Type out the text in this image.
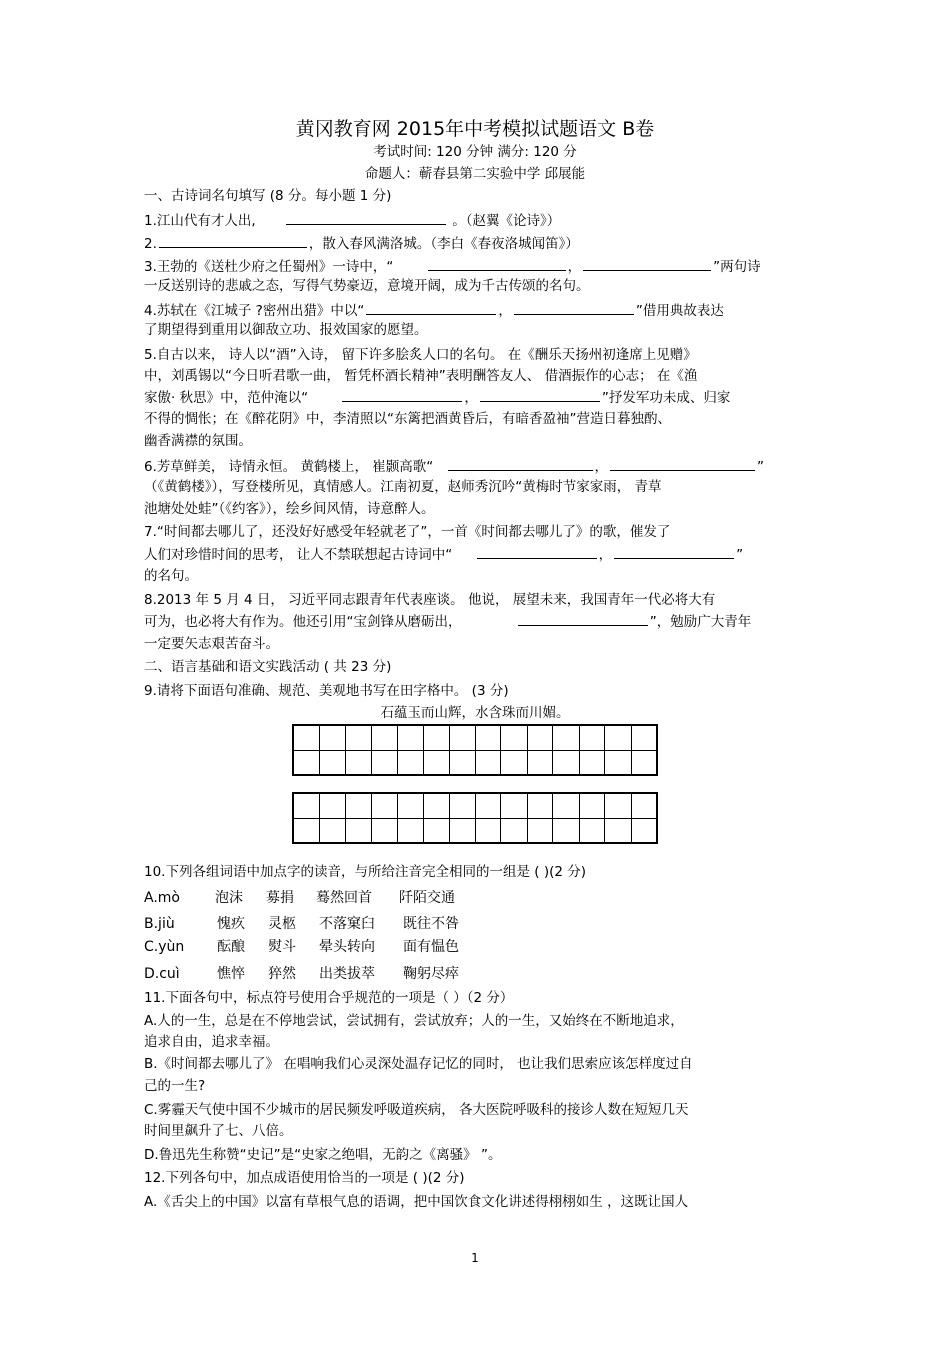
黄冈教育网 2015年中考模拟试题语文 B卷
考试时间: 120 分钟 满分: 120 分
命题人：蕲春县第二实验中学 邱展能
一、古诗词名句填写 (8 分。每小题 1 分)
1.江山代有才人出,	。（赵翼《论诗》）
2.	，散入春风满洛城。（李白《春夜洛城闻笛》）
3.王勃的《送杜少府之任蜀州》一诗中，“	，	”两句诗
一反送别诗的悲戚之态，写得气势豪迈，意境开阔，成为千古传颂的名句。
4.苏轼在《江城子 ?密州出猎》中以“	，	”借用典故表达
了期望得到重用以御敌立功、报效国家的愿望。
5.自古以来， 诗人以“酒”入诗， 留下许多脍炙人口的名句。 在《酬乐天扬州初逢席上见赠》
中，刘禹锡以“今日听君歌一曲， 暂凭杯酒长精神”表明酬答友人、 借酒振作的心志； 在《渔
家傲· 秋思》中，范仲淹以“	，	”抒发军功未成、归家
不得的惆怅；在《醉花阴》中，李清照以“东篱把酒黄昏后，有暗香盈袖”营造日暮独酌、
幽香满襟的氛围。
6.芳草鲜美， 诗情永恒。 黄鹤楼上， 崔颢高歌“	，	”
（《黄鹤楼》），写登楼所见，真情感人。江南初夏，赵师秀沉吟“黄梅时节家家雨， 青草
池塘处处蛙”（《约客》），绘乡间风情，诗意醉人。
7.“时间都去哪儿了，还没好好感受年轻就老了”，一首《时间都去哪儿了》的歌，催发了
人们对珍惜时间的思考， 让人不禁联想起古诗词中“	，	”
的名句。
8.2013 年 5 月 4 日， 习近平同志跟青年代表座谈。 他说， 展望未来，我国青年一代必将大有
可为，也必将大有作为。他还引用“宝剑锋从磨砺出，	”，勉励广大青年
一定要矢志艰苦奋斗。
二、语言基础和语文实践活动 ( 共 23 分)
9.请将下面语句准确、规范、美观地书写在田字格中。 (3 分)
石蕴玉而山辉，水含珠而川媚。
10.下列各组词语中加点字的读音，与所给注音完全相同的一组是 ( )(2 分)
A.mò	泡沫 募捐 蓦然回首 阡陌交通
B.jiù	愧疚 灵柩 不落窠臼 既往不咎
C.yùn 酝酿 熨斗 晕头转向 面有愠色
D.cuì	憔悴 猝然 出类拔萃 鞠躬尽瘁
11.下面各句中，标点符号使用合乎规范的一项是（ ）（2 分）
A.人的一生，总是在不停地尝试，尝试拥有，尝试放弃；人的一生，又始终在不断地追求，
追求自由，追求幸福。
B.《时间都去哪儿了》 在唱响我们心灵深处温存记忆的同时， 也让我们思索应该怎样度过自
己的一生?
C.雾霾天气使中国不少城市的居民频发呼吸道疾病， 各大医院呼吸科的接诊人数在短短几天
时间里飙升了七、八倍。
D.鲁迅先生称赞“史记”是“史家之绝唱，无韵之《离骚》 ”。
12.下列各句中，加点成语使用恰当的一项是 ( )(2 分)
A.《舌尖上的中国》以富有草根气息的语调，把中国饮食文化讲述得栩栩如生 ，这既让国人
1
